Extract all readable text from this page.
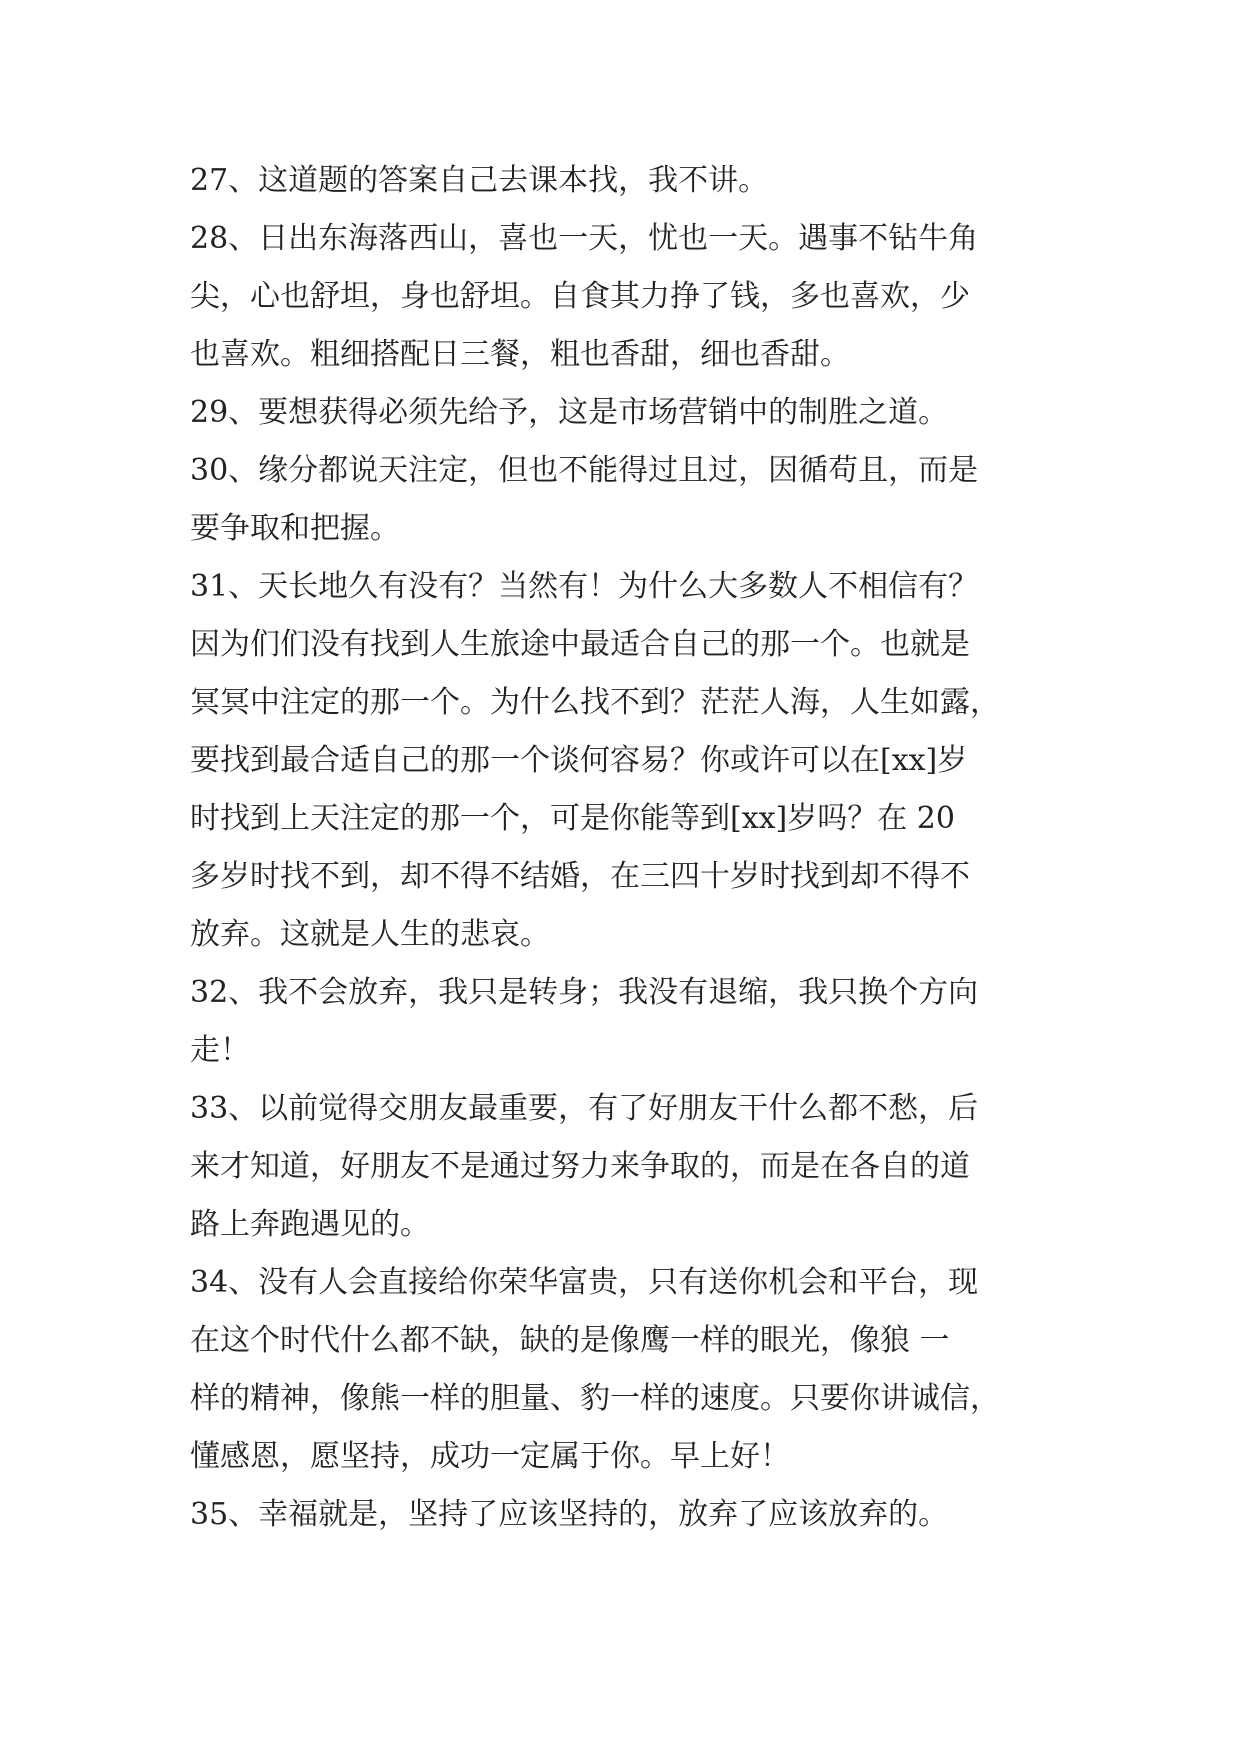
27、这道题的答案自己去课本找，我不讲。
28、日出东海落西山，喜也一天，忧也一天。遇事不钻牛角
尖，心也舒坦，身也舒坦。自食其力挣了钱，多也喜欢，少
也喜欢。粗细搭配日三餐，粗也香甜，细也香甜。
29、要想获得必须先给予，这是市场营销中的制胜之道。
30、缘分都说天注定，但也不能得过且过，因循苟且，而是
要争取和把握。
31、天长地久有没有？当然有！为什么大多数人不相信有？
因为们们没有找到人生旅途中最适合自己的那一个。也就是
冥冥中注定的那一个。为什么找不到？茫茫人海，人生如露，
要找到最合适自己的那一个谈何容易？你或许可以在[xx]岁
时找到上天注定的那一个，可是你能等到[xx]岁吗？在 20
多岁时找不到，却不得不结婚，在三四十岁时找到却不得不
放弃。这就是人生的悲哀。
32、我不会放弃，我只是转身；我没有退缩，我只换个方向
走！
33、以前觉得交朋友最重要，有了好朋友干什么都不愁，后
来才知道，好朋友不是通过努力来争取的，而是在各自的道
路上奔跑遇见的。
34、没有人会直接给你荣华富贵，只有送你机会和平台，现
在这个时代什么都不缺，缺的是像鹰一样的眼光，像狼 一
样的精神，像熊一样的胆量、豹一样的速度。只要你讲诚信，
懂感恩，愿坚持，成功一定属于你。早上好！
35、幸福就是，坚持了应该坚持的，放弃了应该放弃的。
